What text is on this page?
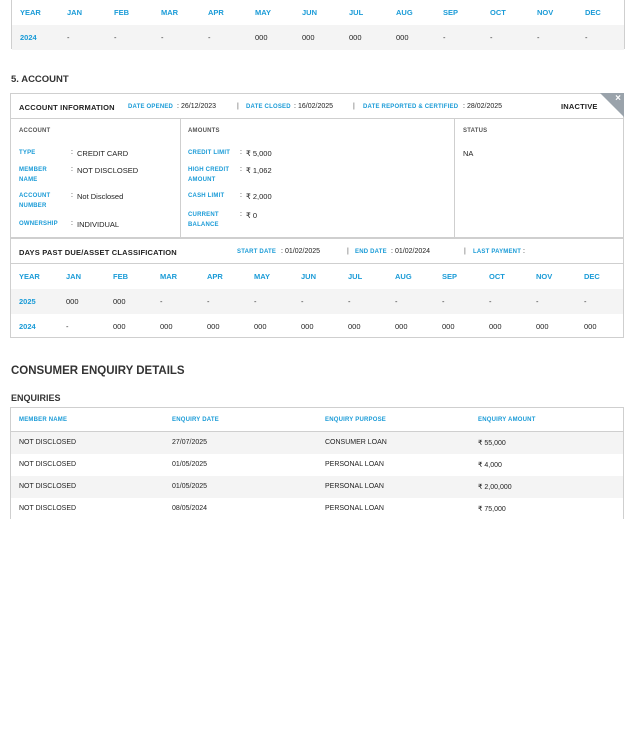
YEAR	JAN	FEB	MAR	APR	MAY	JUN	JUL	AUG	SEP	OCT	NOV	DEC
2024	-	-	-	-	000	000	000	000	-	-	-	-
5. ACCOUNT
ACCOUNT INFORMATION DATE OPENED : 26/12/2023	| DATE CLOSED : 16/02/2025	| DATE REPORTED & CERTIFIED : 28/02/2025	INACTIVE
×
ACCOUNT
TYPE	: CREDIT CARD
MEMBER NAME
: NOT DISCLOSED
ACCOUNT NUMBER
: Not Disclosed
OWNERSHIP	: INDIVIDUAL
AMOUNTS
CREDIT LIMIT : ₹ 5,000
HIGH CREDIT AMOUNT
: ₹ 1,062
CASH LIMIT	: ₹ 2,000
CURRENT BALANCE
: ₹ 0
STATUS
NA
DAYS PAST DUE/ASSET CLASSIFICATION	START DATE : 01/02/2025	| END DATE : 01/02/2024	| LAST PAYMENT :
YEAR	JAN	FEB	MAR	APR	MAY	JUN	JUL	AUG	SEP	OCT	NOV	DEC
2025	000	000	-	-	-	-	-	-	-	-	-	-
2024	-	000	000	000	000	000	000	000	000	000	000	000
CONSUMER ENQUIRY DETAILS
ENQUIRIES
MEMBER NAME	ENQUIRY DATE	ENQUIRY PURPOSE	ENQUIRY AMOUNT
NOT DISCLOSED	27/07/2025	CONSUMER LOAN	₹ 55,000
NOT DISCLOSED	01/05/2025	PERSONAL LOAN	₹ 4,000
NOT DISCLOSED	01/05/2025	PERSONAL LOAN	₹ 2,00,000
NOT DISCLOSED	08/05/2024	PERSONAL LOAN	₹ 75,000
